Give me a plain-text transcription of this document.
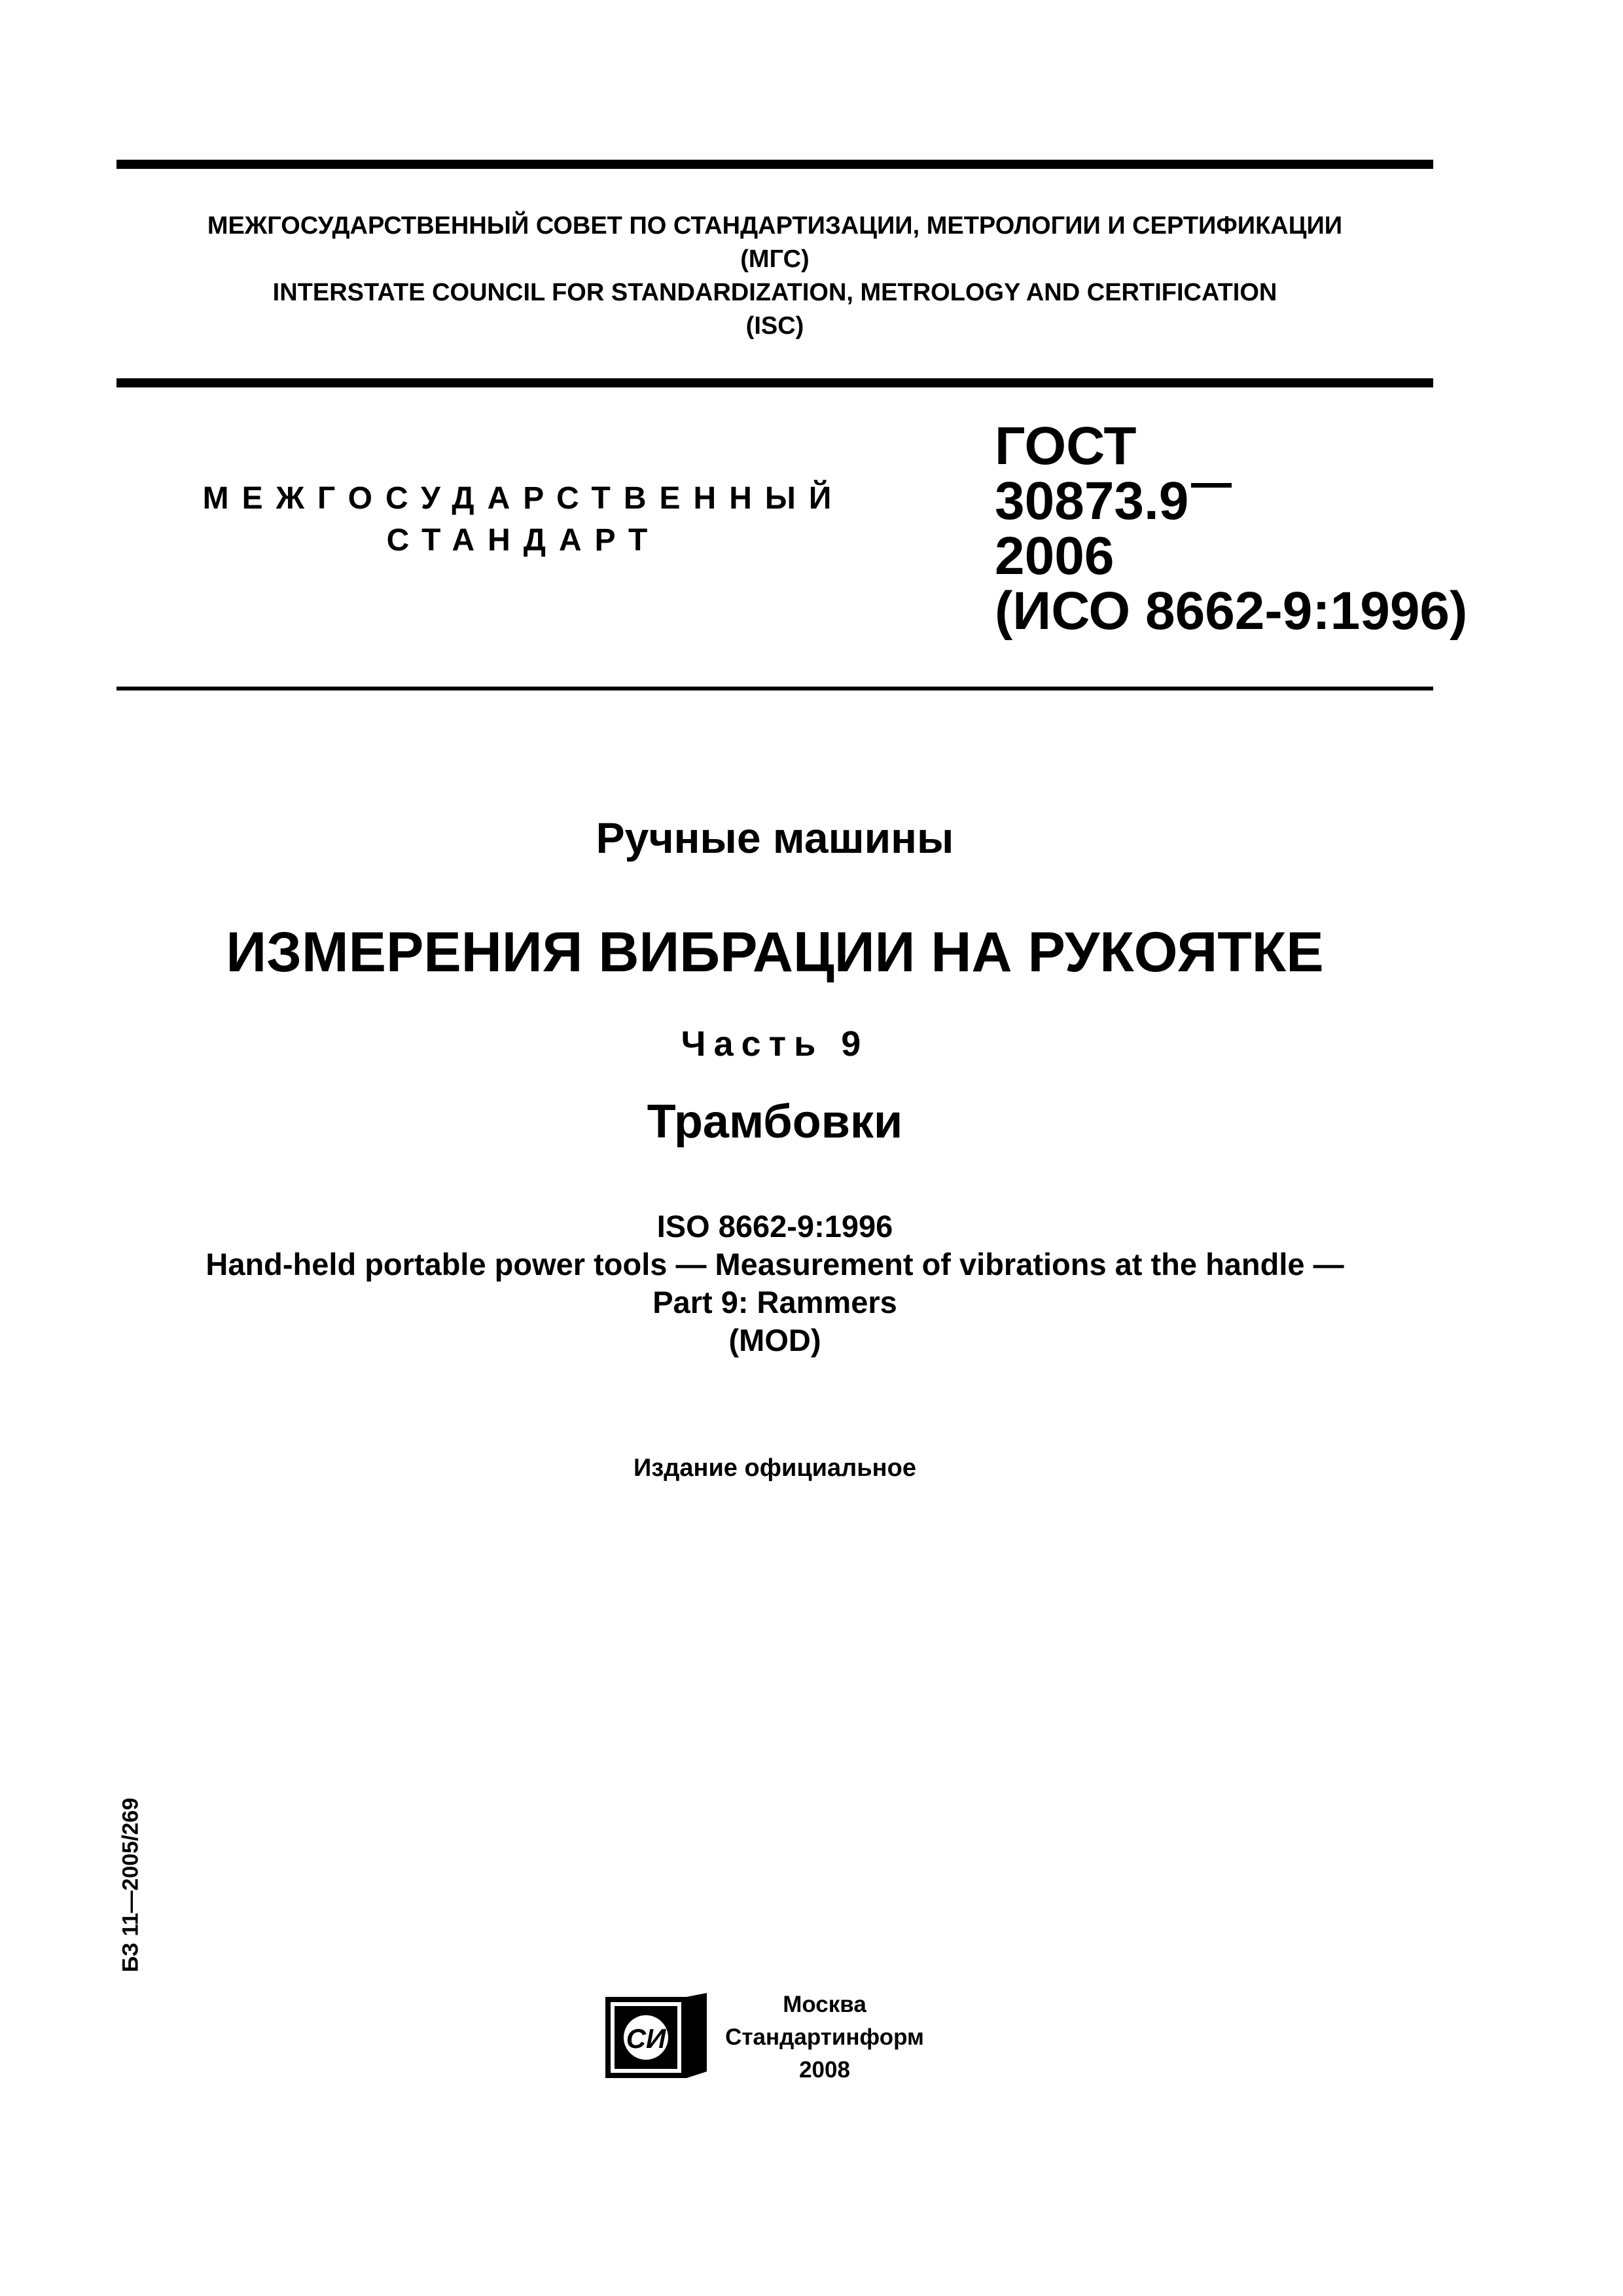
МЕЖГОСУДАРСТВЕННЫЙ СОВЕТ ПО СТАНДАРТИЗАЦИИ, МЕТРОЛОГИИ И СЕРТИФИКАЦИИ
(МГС)
INTERSTATE COUNCIL FOR STANDARDIZATION, METROLOGY AND CERTIFICATION
(ISC)
МЕЖГОСУДАРСТВЕННЫЙ
СТАНДАРТ
ГОСТ
30873.9
2006
(ИСО 8662-9:1996)
Ручные машины
ИЗМЕРЕНИЯ ВИБРАЦИИ НА РУКОЯТКЕ
Часть 9
Трамбовки
ISO 8662-9:1996
Hand-held portable power tools — Measurement of vibrations at the handle —
Part 9: Rammers
(MOD)
Издание официальное
БЗ 11—2005/269
СИ
Москва
Стандартинформ
2008
